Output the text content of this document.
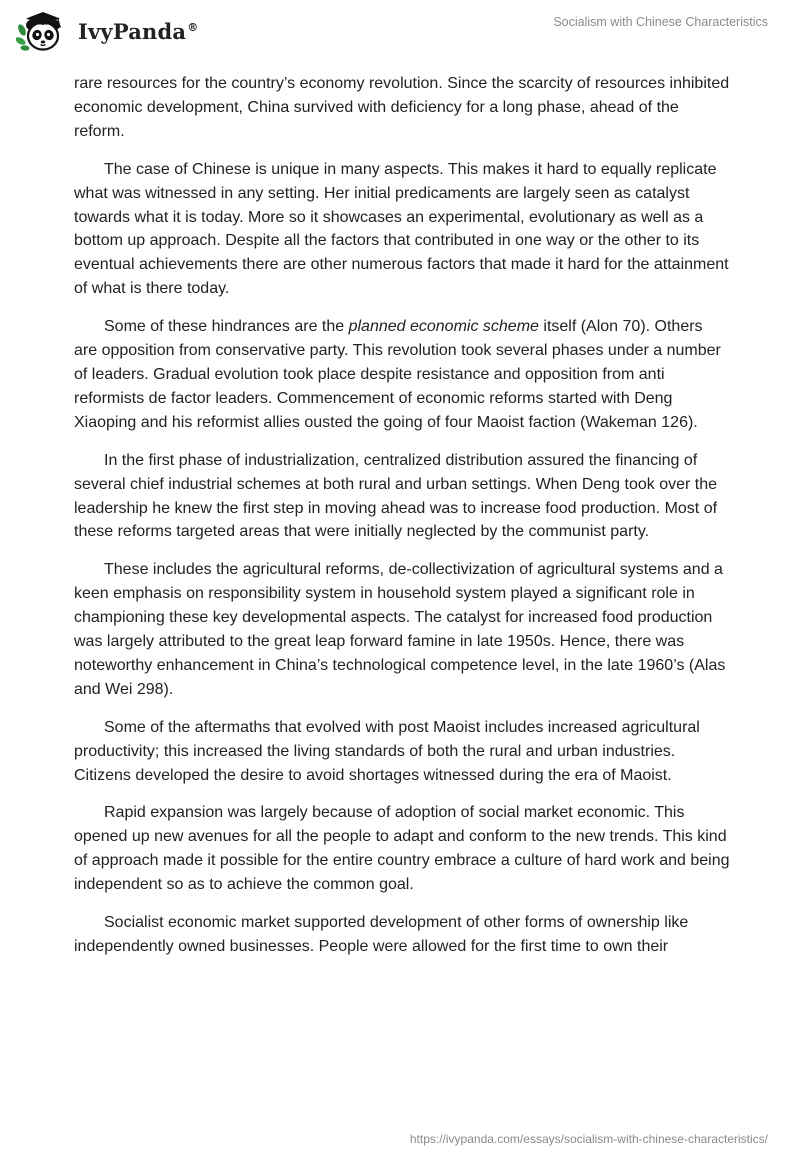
IvyPanda®	Socialism with Chinese Characteristics

rare resources for the country’s economy revolution. Since the scarcity of resources inhibited economic development, China survived with deficiency for a long phase, ahead of the reform.

The case of Chinese is unique in many aspects. This makes it hard to equally replicate what was witnessed in any setting. Her initial predicaments are largely seen as catalyst towards what it is today. More so it showcases an experimental, evolutionary as well as a bottom up approach. Despite all the factors that contributed in one way or the other to its eventual achievements there are other numerous factors that made it hard for the attainment of what is there today.

Some of these hindrances are the planned economic scheme itself (Alon 70). Others are opposition from conservative party. This revolution took several phases under a number of leaders. Gradual evolution took place despite resistance and opposition from anti reformists de factor leaders. Commencement of economic reforms started with Deng Xiaoping and his reformist allies ousted the going of four Maoist faction (Wakeman 126).

In the first phase of industrialization, centralized distribution assured the financing of several chief industrial schemes at both rural and urban settings. When Deng took over the leadership he knew the first step in moving ahead was to increase food production. Most of these reforms targeted areas that were initially neglected by the communist party.

These includes the agricultural reforms, de-collectivization of agricultural systems and a keen emphasis on responsibility system in household system played a significant role in championing these key developmental aspects. The catalyst for increased food production was largely attributed to the great leap forward famine in late 1950s. Hence, there was noteworthy enhancement in China’s technological competence level, in the late 1960’s (Alas and Wei 298).

Some of the aftermaths that evolved with post Maoist includes increased agricultural productivity; this increased the living standards of both the rural and urban industries. Citizens developed the desire to avoid shortages witnessed during the era of Maoist.

Rapid expansion was largely because of adoption of social market economic. This opened up new avenues for all the people to adapt and conform to the new trends. This kind of approach made it possible for the entire country embrace a culture of hard work and being independent so as to achieve the common goal.

Socialist economic market supported development of other forms of ownership like independently owned businesses. People were allowed for the first time to own their

https://ivypanda.com/essays/socialism-with-chinese-characteristics/
